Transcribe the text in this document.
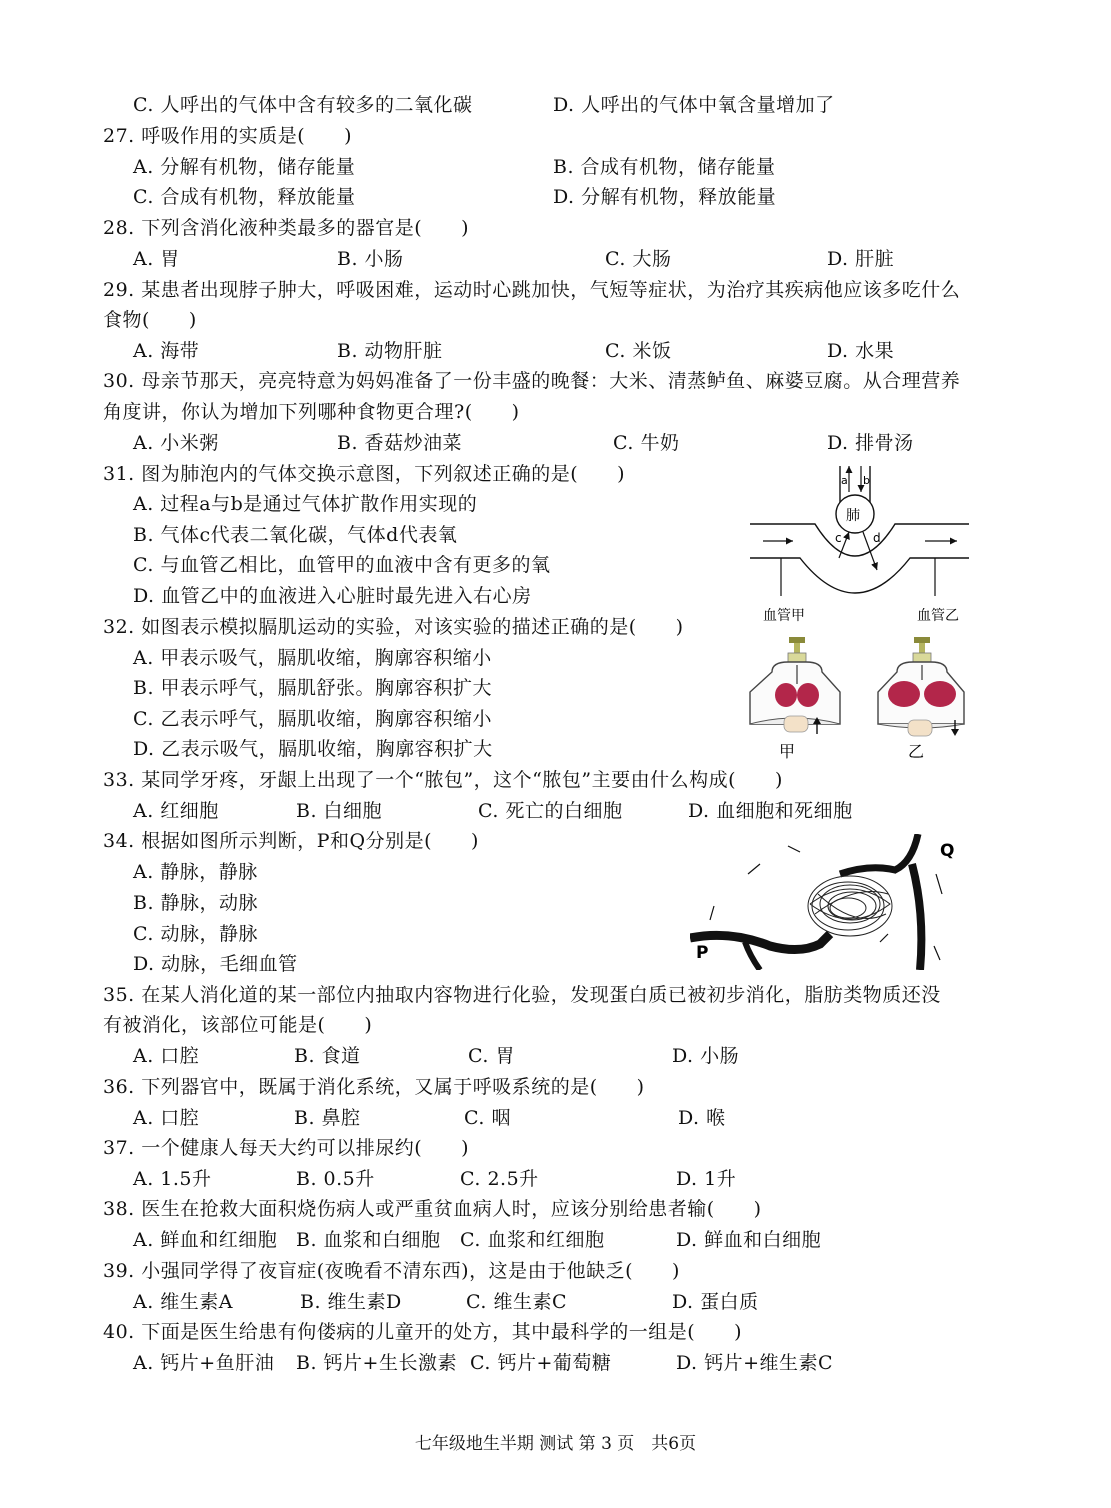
C. 人呼出的气体中含有较多的二氧化碳	D. 人呼出的气体中氧含量增加了
27. 呼吸作用的实质是(　　)
A. 分解有机物，储存能量	B. 合成有机物，储存能量
C. 合成有机物，释放能量	D. 分解有机物，释放能量
28. 下列含消化液种类最多的器官是(　　)
A. 胃	B. 小肠	C. 大肠	D. 肝脏
29. 某患者出现脖子肿大，呼吸困难，运动时心跳加快，气短等症状，为治疗其疾病他应该多吃什么
食物(　　)
A. 海带	B. 动物肝脏	C. 米饭	D. 水果
30. 母亲节那天，亮亮特意为妈妈准备了一份丰盛的晚餐：大米、清蒸鲈鱼、麻婆豆腐。从合理营养
角度讲，你认为增加下列哪种食物更合理?(　　)
A. 小米粥	B. 香菇炒油菜	C. 牛奶	D. 排骨汤
31. 图为肺泡内的气体交换示意图，下列叙述正确的是(　　)
A. 过程a与b是通过气体扩散作用实现的
B. 气体c代表二氧化碳，气体d代表氧
C. 与血管乙相比，血管甲的血液中含有更多的氧
D. 血管乙中的血液进入心脏时最先进入右心房
32. 如图表示模拟膈肌运动的实验，对该实验的描述正确的是(　　)
A. 甲表示吸气，膈肌收缩，胸廓容积缩小
B. 甲表示呼气，膈肌舒张。胸廓容积扩大
C. 乙表示呼气，膈肌收缩，胸廓容积缩小
D. 乙表示吸气，膈肌收缩，胸廓容积扩大
33. 某同学牙疼，牙龈上出现了一个“脓包”，这个“脓包”主要由什么构成(　　)
A. 红细胞	B. 白细胞	C. 死亡的白细胞	D. 血细胞和死细胞
34. 根据如图所示判断，P和Q分别是(　　)
A. 静脉，静脉
B. 静脉，动脉
C. 动脉，静脉
D. 动脉，毛细血管
35. 在某人消化道的某一部位内抽取内容物进行化验，发现蛋白质已被初步消化，脂肪类物质还没
有被消化，该部位可能是(　　)
A. 口腔	B. 食道	C. 胃	D. 小肠
36. 下列器官中，既属于消化系统，又属于呼吸系统的是(　　)
A. 口腔	B. 鼻腔	C. 咽	D. 喉
37. 一个健康人每天大约可以排尿约(　　)
A. 1.5升	B. 0.5升	C. 2.5升	D. 1升
38. 医生在抢救大面积烧伤病人或严重贫血病人时，应该分别给患者输(　　)
A. 鲜血和红细胞 B. 血浆和白细胞 C. 血浆和红细胞	D. 鲜血和白细胞
39. 小强同学得了夜盲症(夜晚看不清东西)，这是由于他缺乏(　　)
A. 维生素A	B. 维生素D	C. 维生素C	D. 蛋白质
40. 下面是医生给患有佝偻病的儿童开的处方，其中最科学的一组是(　　)
A. 钙片+鱼肝油 B. 钙片+生长激素 C. 钙片+葡萄糖	D. 钙片+维生素C
肺
a b
c	d
血管甲	血管乙
甲	乙
P
Q
七年级地生半期 测试 第 3 页　共6页
